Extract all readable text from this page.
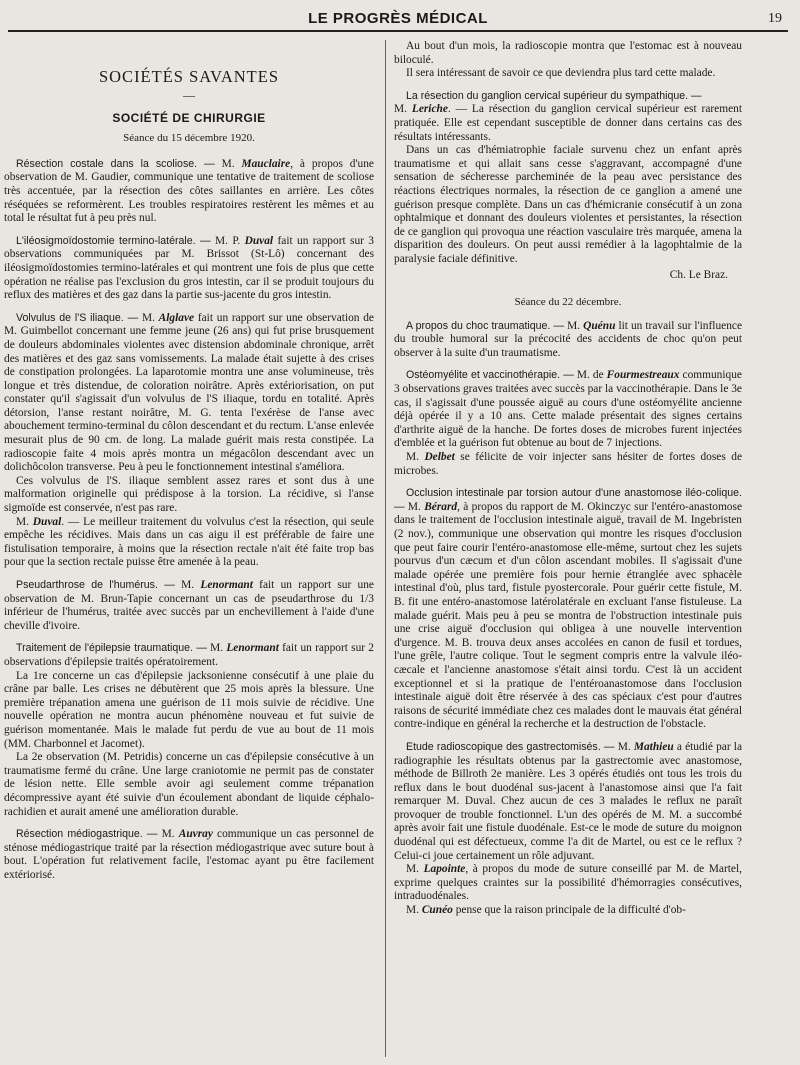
LE PROGRÈS MÉDICAL	19
SOCIÉTÉS SAVANTES
—
SOCIÉTÉ DE CHIRURGIE
Séance du 15 décembre 1920.

Résection costale dans la scoliose. — M. Mauclaire, à propos d'une observation de M. Gaudier, communique une tentative de traitement de scoliose très accentuée, par la résection des côtes saillantes en arrière. Les côtes réséquées se reformèrent. Les troubles respiratoires restèrent les mêmes et au total le résultat fut à peu près nul.

L'iléosigmoïdostomie termino-latérale. — M. P. Duval fait un rapport sur 3 observations communiquées par M. Brissot (St-Lô) concernant des iléosigmoïdostomies termino-latérales et qui montrent une fois de plus que cette opération ne réalise pas l'exclusion du gros intestin, car il se produit toujours du reflux des matières et des gaz dans la partie sus-jacente du gros intestin.

Volvulus de l'S iliaque. — M. Alglave fait un rapport sur une observation de M. Guimbellot concernant une femme jeune (26 ans) qui fut prise brusquement de douleurs abdominales violentes avec distension abdominale chronique, arrêt des matières et des gaz sans vomissements. La malade était sujette à des crises de constipation prolongées. La laparotomie montra une anse volumineuse, très longue et très distendue, de coloration noirâtre. Après extériorisation, on put constater qu'il s'agissait d'un volvulus de l'S iliaque, tordu en totalité. Après détorsion, l'anse restant noirâtre, M. G. tenta l'exérèse de l'anse avec abouchement termino-terminal du côlon descendant et du rectum. L'anse enlevée mesurait plus de 90 cm. de long. La malade guérit mais resta constipée. La radioscopie faite 4 mois après montra un mégacôlon descendant avec un dolichôcolon transverse. Peu à peu le fonctionnement intestinal s'améliora.

Ces volvulus de l'S. iliaque semblent assez rares et sont dus à une malformation originelle qui prédispose à la torsion. La récidive, si l'anse sigmoïde est conservée, n'est pas rare.

M. Duval. — Le meilleur traitement du volvulus c'est la résection, qui seule empêche les récidives. Mais dans un cas aigu il est préférable de faire une fistulisation temporaire, à moins que la résection rectale n'ait été faite trop bas pour que la section rectale puisse être amenée à la peau.

Pseudarthrose de l'humérus. — M. Lenormant fait un rapport sur une observation de M. Brun-Tapie concernant un cas de pseudarthrose du 1/3 inférieur de l'humérus, traitée avec succès par un enchevillement à l'aide d'une cheville d'ivoire.

Traitement de l'épilepsie traumatique. — M. Lenormant fait un rapport sur 2 observations d'épilepsie traités opératoirement.

La 1re concerne un cas d'épilepsie jacksonienne consécutif à une plaie du crâne par balle. Les crises ne débutèrent que 25 mois après la blessure. Une première trépanation amena une guérison de 11 mois suivie de récidive. Une nouvelle opération ne montra aucun phénomène nouveau et fut suivie de guérison momentanée. Mais le malade fut perdu de vue au bout de 11 mois (MM. Charbonnel et Jacomet).

La 2e observation (M. Petridis) concerne un cas d'épilepsie consécutive à un traumatisme fermé du crâne. Une large craniotomie ne permit pas de constater de lésion nette. Elle semble avoir agi seulement comme trépanation décompressive ayant été suivie d'un écoulement abondant de liquide céphalo-rachidien et aurait amené une amélioration durable.

Résection médiogastrique. — M. Auvray communique un cas personnel de sténose médiogastrique traité par la résection médiogastrique avec suture bout à bout. L'opération fut relativement facile, l'estomac ayant pu être facilement extériorisé.

Au bout d'un mois, la radioscopie montra que l'estomac est à nouveau biloculé.

Il sera intéressant de savoir ce que deviendra plus tard cette malade.

La résection du ganglion cervical supérieur du sympathique. —
M. Leriche. — La résection du ganglion cervical supérieur est rarement pratiquée. Elle est cependant susceptible de donner dans certains cas des résultats intéressants.

Dans un cas d'hémiatrophie faciale survenu chez un enfant après traumatisme et qui allait sans cesse s'aggravant, accompagné d'une sensation de sécheresse parcheminée de la peau avec persistance des réactions électriques normales, la résection de ce ganglion a amené une guérison presque complète. Dans un cas d'hémicranie consécutif à un zona ophtalmique et donnant des douleurs violentes et persistantes, la résection de ce ganglion qui provoqua une réaction vasculaire très marquée, amena la disparition des douleurs. On peut aussi remédier à la lagophtalmie de la paralysie faciale définitive.

Ch. Le Braz.
Séance du 22 décembre.

A propos du choc traumatique. — M. Quénu lit un travail sur l'influence du trouble humoral sur la précocité des accidents de choc qu'on peut observer à la suite d'un traumatisme.

Ostéomyélite et vaccinothérapie. — M. de Fourmestreaux communique 3 observations graves traitées avec succès par la vaccinothérapie. Dans le 3e cas, il s'agissait d'une poussée aiguë au cours d'une ostéomyélite ancienne déjà opérée il y a 10 ans. Cette malade présentait des signes certains d'arthrite aiguë de la hanche. De fortes doses de microbes furent injectées d'emblée et la guérison fut obtenue au bout de 7 injections.

M. Delbet se félicite de voir injecter sans hésiter de fortes doses de microbes.

Occlusion intestinale par torsion autour d'une anastomose iléo-colique. — M. Bérard, à propos du rapport de M. Okinczyc sur l'entéro-anastomose dans le traitement de l'occlusion intestinale aiguë, travail de M. Ingebristen (2 nov.), communique une observation qui montre les risques d'occlusion que peut faire courir l'entéro-anastomose elle-même, surtout chez les sujets pourvus d'un cæcum et d'un côlon ascendant mobiles. Il s'agissait d'une malade opérée une première fois pour hernie étranglée avec sphacèle intestinal d'où, plus tard, fistule pyostercorale. Pour guérir cette fistule, M. B. fit une entéro-anastomose latérolatérale en excluant l'anse fistuleuse. La malade guérit. Mais peu à peu se montra de l'obstruction intestinale puis une crise aiguë d'occlusion qui obligea à une nouvelle intervention d'urgence. M. B. trouva deux anses accolées en canon de fusil et tordues, l'une grêle, l'autre colique. Tout le segment compris entre la valvule iléo-cæcale et l'ancienne anastomose s'était ainsi tordu. C'est là un accident exceptionnel et si la pratique de l'entéroanastomose dans l'occlusion intestinale aiguë doit être réservée à des cas spéciaux c'est pour d'autres raisons de sécurité immédiate chez ces malades dont le mauvais état général contre-indique en général la recherche et la destruction de l'obstacle.

Etude radioscopique des gastrectomisés. — M. Mathieu a étudié par la radiographie les résultats obtenus par la gastrectomie avec anastomose, méthode de Billroth 2e manière. Les 3 opérés étudiés ont tous les trois du reflux dans le bout duodénal sus-jacent à l'anastomose ainsi que l'a fait remarquer M. Duval. Chez aucun de ces 3 malades le reflux ne paraît provoquer de trouble fonctionnel. L'un des opérés de M. M. a succombé après avoir fait une fistule duodénale. Est-ce le mode de suture du moignon duodénal qui est défectueux, comme l'a dit de Martel, ou est ce le reflux ? Celui-ci joue certainement un rôle adjuvant.

M. Lapointe, à propos du mode de suture conseillé par M. de Martel, exprime quelques craintes sur la possibilité d'hémorragies consécutives, intraduodénales.

M. Cunéo pense que la raison principale de la difficulté d'ob-
